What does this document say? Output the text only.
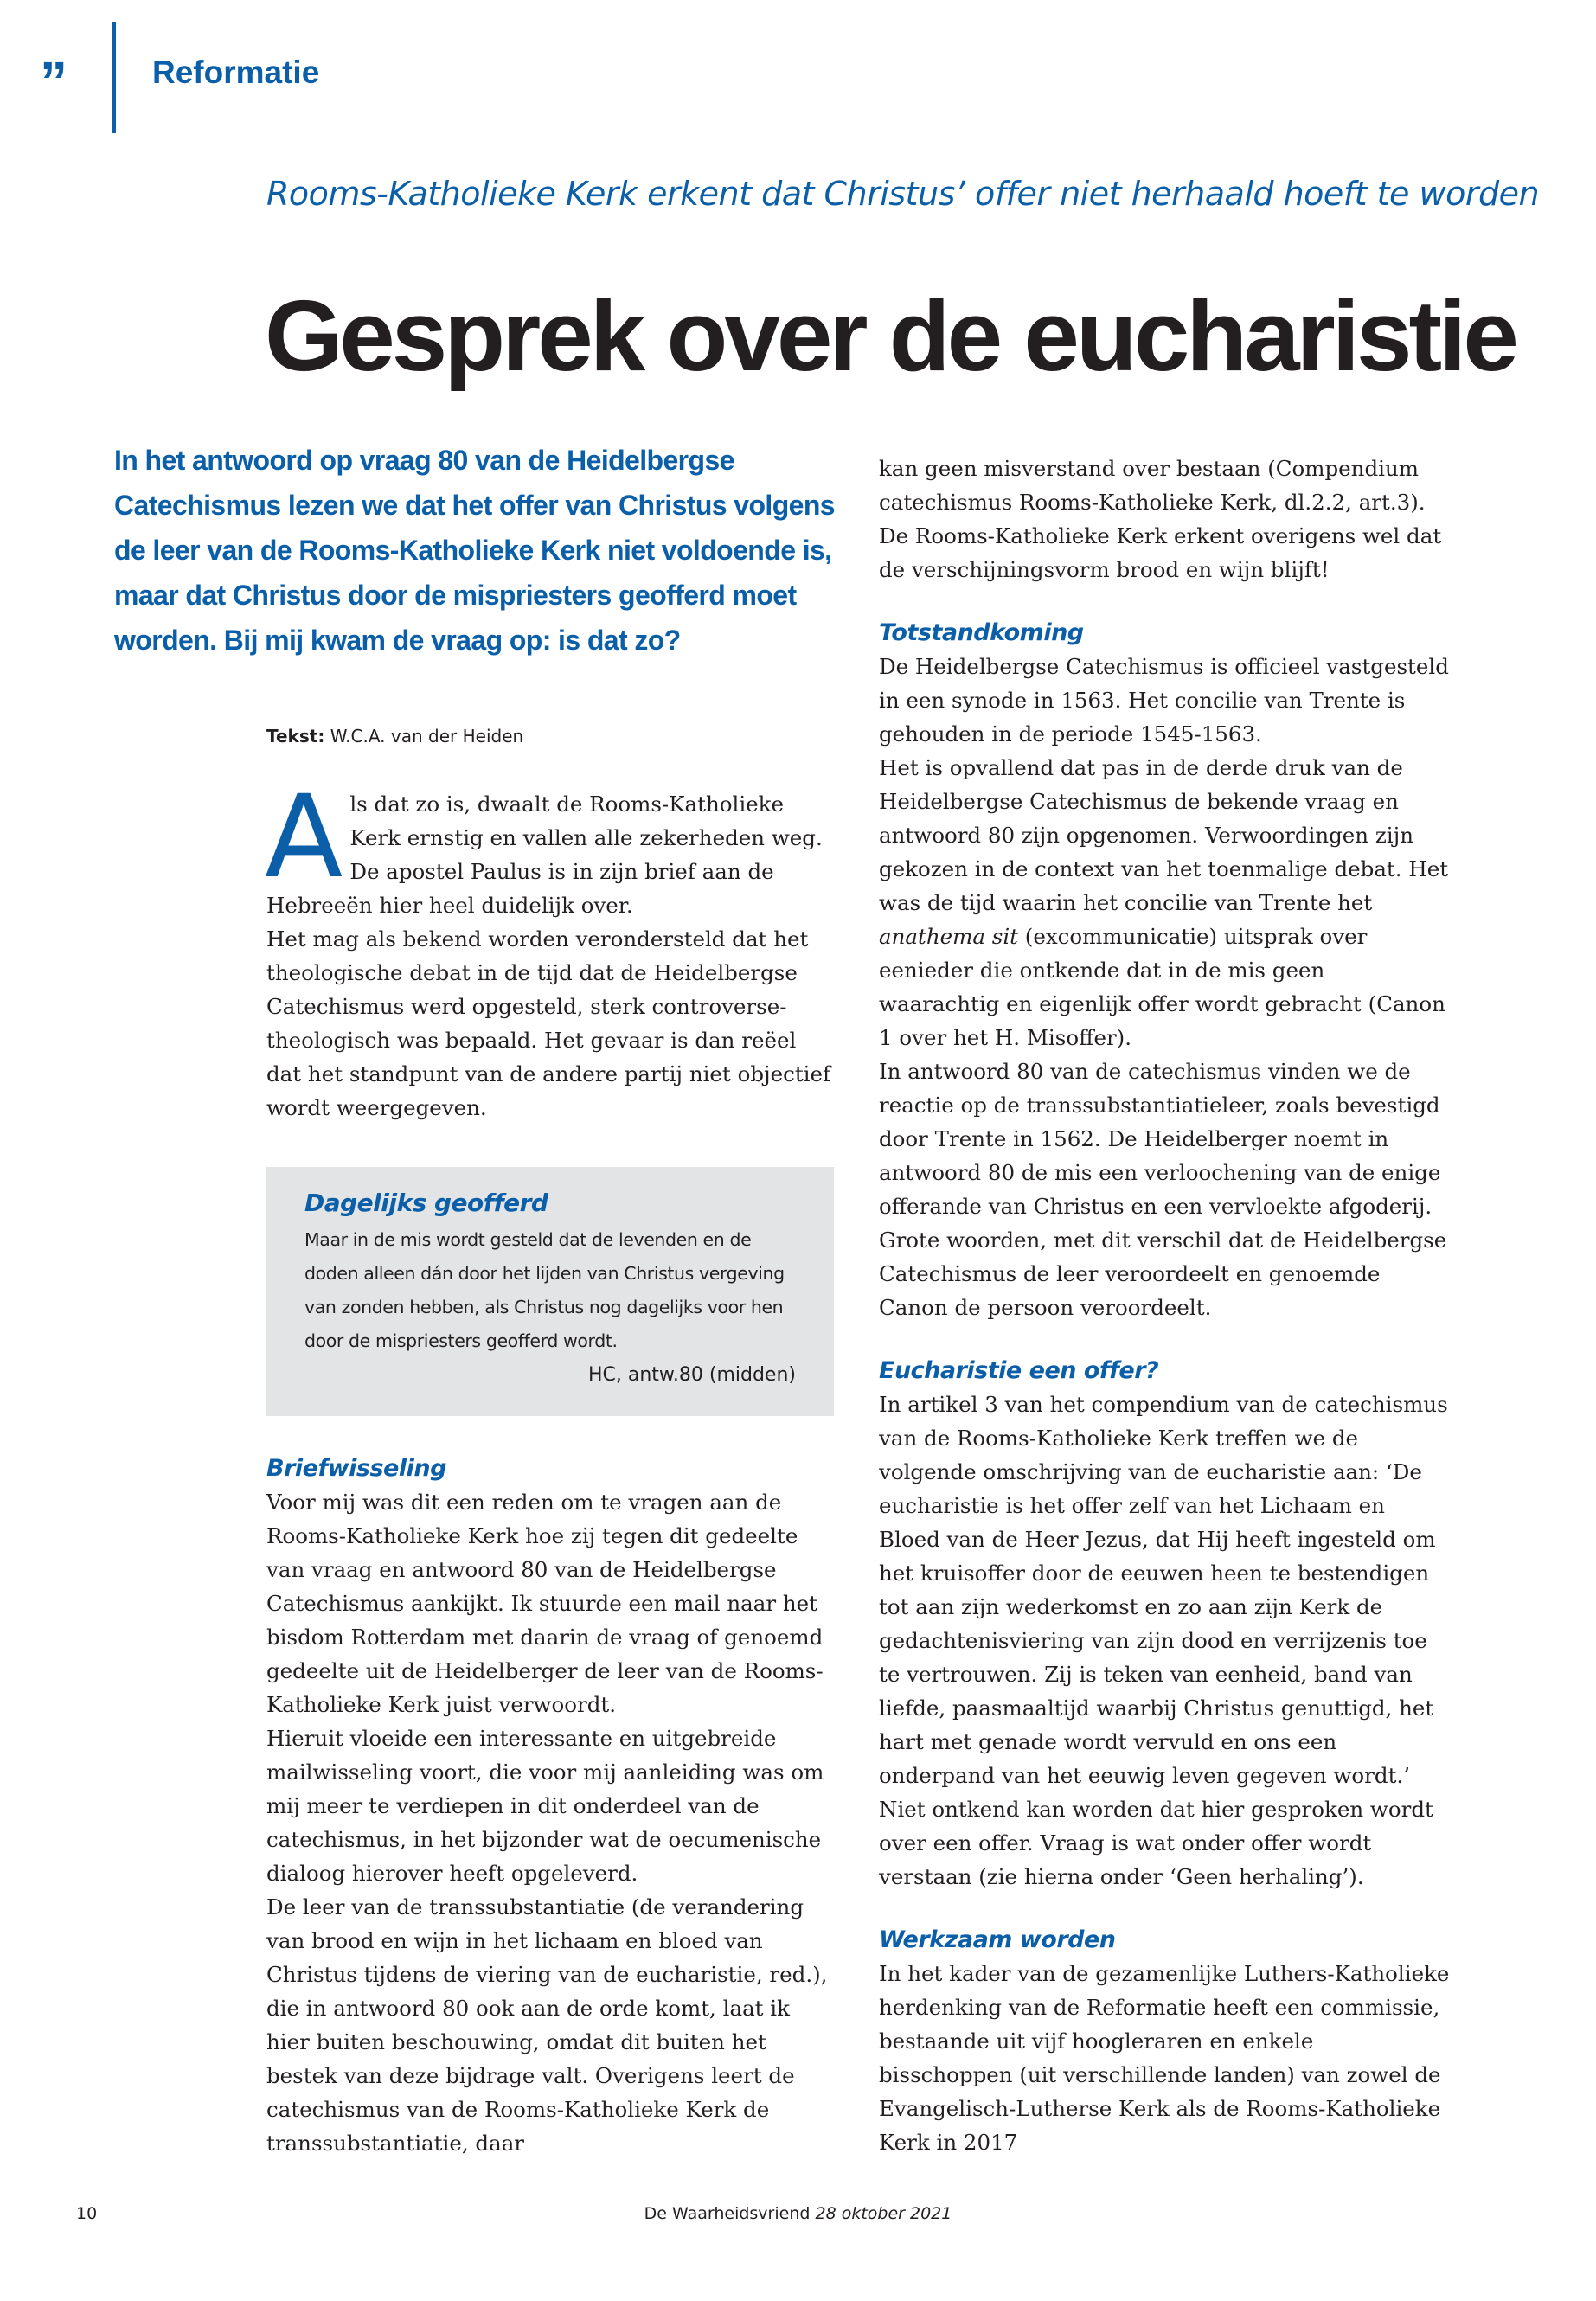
”	Reformatie
Rooms-Katholieke Kerk erkent dat Christus’ offer niet herhaald hoeft te worden
Gesprek over de eucharistie
In het antwoord op vraag 80 van de Heidelbergse Catechismus lezen we dat het offer van Christus volgens de leer van de Rooms-Katholieke Kerk niet voldoende is, maar dat Christus door de mispriesters geofferd moet worden. Bij mij kwam de vraag op: is dat zo?
Tekst: W.C.A. van der Heiden

Als dat zo is, dwaalt de Rooms-Katholieke Kerk ernstig en vallen alle zekerheden weg. De apostel Paulus is in zijn brief aan de Hebreeën hier heel duidelijk over.

Het mag als bekend worden verondersteld dat het theologische debat in de tijd dat de Heidelbergse Catechismus werd opgesteld, sterk controverse-theologisch was bepaald. Het gevaar is dan reëel dat het standpunt van de andere partij niet objectief wordt weergegeven.

Dagelijks geofferd

Maar in de mis wordt gesteld dat de levenden en de doden alleen dán door het lijden van Christus vergeving van zonden hebben, als Christus nog dagelijks voor hen door de mispriesters geofferd wordt.

HC, antw.80 (midden)

Briefwisseling

Voor mij was dit een reden om te vragen aan de Rooms-Katholieke Kerk hoe zij tegen dit gedeelte van vraag en antwoord 80 van de Heidelbergse Catechismus aankijkt. Ik stuurde een mail naar het bisdom Rotterdam met daarin de vraag of genoemd gedeelte uit de Heidelberger de leer van de Rooms-Katholieke Kerk juist verwoordt.

Hieruit vloeide een interessante en uitgebreide mailwisseling voort, die voor mij aanleiding was om mij meer te verdiepen in dit onderdeel van de catechismus, in het bijzonder wat de oecumenische dialoog hierover heeft opgeleverd.

De leer van de transsubstantiatie (de verandering van brood en wijn in het lichaam en bloed van Christus tijdens de viering van de eucharistie, red.), die in antwoord 80 ook aan de orde komt, laat ik hier buiten beschouwing, omdat dit buiten het bestek van deze bijdrage valt. Overigens leert de catechismus van de Rooms-Katholieke Kerk de transsubstantiatie, daar

kan geen misverstand over bestaan (Compendium catechismus Rooms-Katholieke Kerk, dl.2.2, art.3). De Rooms-Katholieke Kerk erkent overigens wel dat de verschijningsvorm brood en wijn blijft!

Totstandkoming

De Heidelbergse Catechismus is officieel vastgesteld in een synode in 1563. Het concilie van Trente is gehouden in de periode 1545-1563.

Het is opvallend dat pas in de derde druk van de Heidelbergse Catechismus de bekende vraag en antwoord 80 zijn opgenomen. Verwoordingen zijn gekozen in de context van het toenmalige debat. Het was de tijd waarin het concilie van Trente het anathema sit (excommunicatie) uitsprak over eenieder die ontkende dat in de mis geen waarachtig en eigenlijk offer wordt gebracht (Canon 1 over het H. Misoffer).

In antwoord 80 van de catechismus vinden we de reactie op de transsubstantiatieleer, zoals bevestigd door Trente in 1562. De Heidelberger noemt in antwoord 80 de mis een verloochening van de enige offerande van Christus en een vervloekte afgoderij. Grote woorden, met dit verschil dat de Heidelbergse Catechismus de leer veroordeelt en genoemde Canon de persoon veroordeelt.

Eucharistie een offer?

In artikel 3 van het compendium van de catechismus van de Rooms-Katholieke Kerk treffen we de volgende omschrijving van de eucharistie aan: ‘De eucharistie is het offer zelf van het Lichaam en Bloed van de Heer Jezus, dat Hij heeft ingesteld om het kruisoffer door de eeuwen heen te bestendigen tot aan zijn wederkomst en zo aan zijn Kerk de gedachtenisviering van zijn dood en verrijzenis toe te vertrouwen. Zij is teken van eenheid, band van liefde, paasmaaltijd waarbij Christus genuttigd, het hart met genade wordt vervuld en ons een onderpand van het eeuwig leven gegeven wordt.’

Niet ontkend kan worden dat hier gesproken wordt over een offer. Vraag is wat onder offer wordt verstaan (zie hierna onder ‘Geen herhaling’).

Werkzaam worden

In het kader van de gezamenlijke Luthers-Katholieke herdenking van de Reformatie heeft een commissie, bestaande uit vijf hoogleraren en enkele bisschoppen (uit verschillende landen) van zowel de Evangelisch-Lutherse Kerk als de Rooms-Katholieke Kerk in 2017

10	De Waarheidsvriend 28 oktober 2021
